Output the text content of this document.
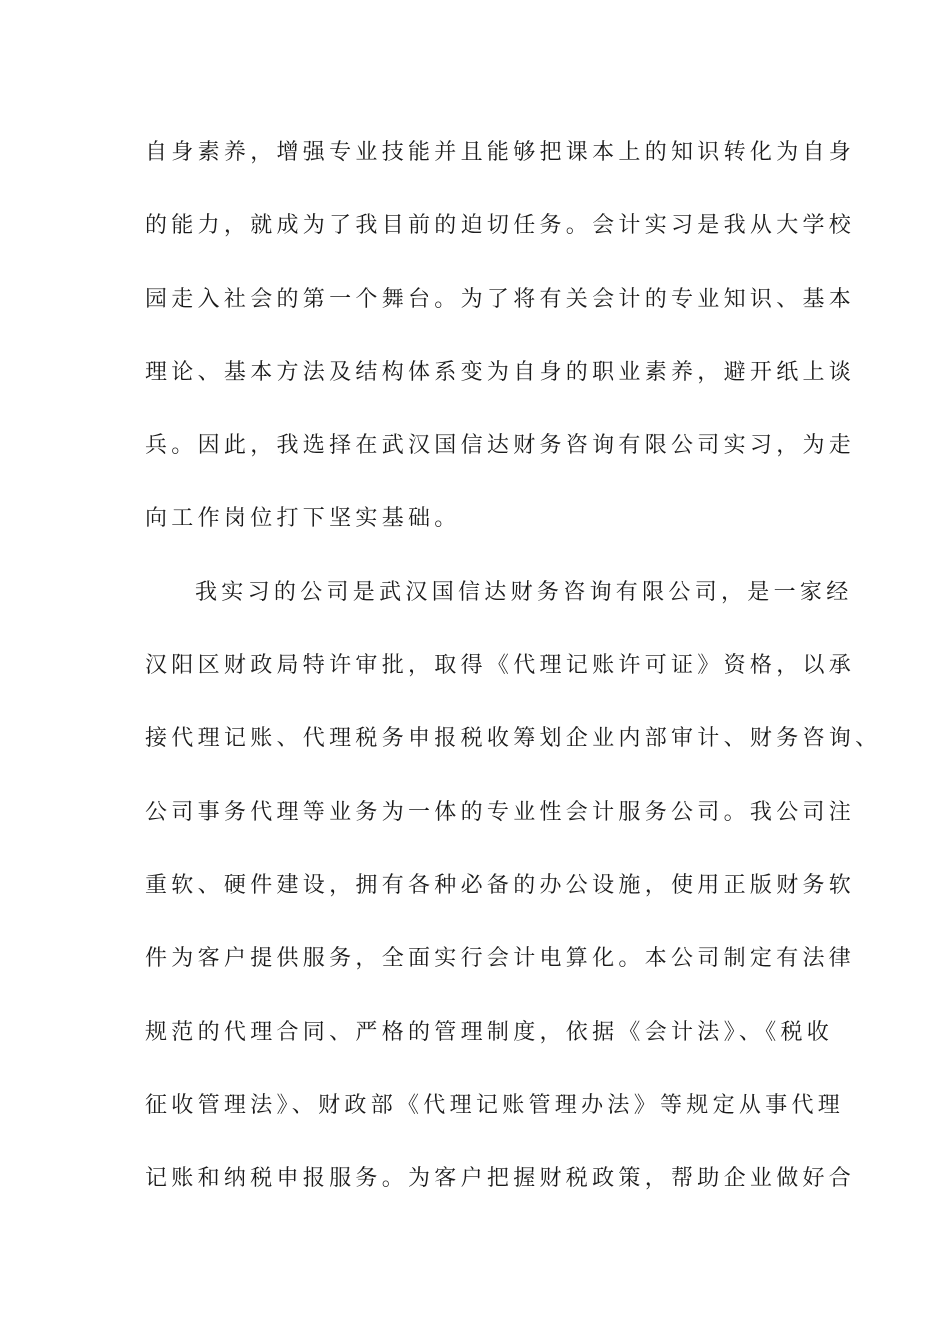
自身素养，增强专业技能并且能够把课本上的知识转化为自身
的能力，就成为了我目前的迫切任务。会计实习是我从大学校
园走入社会的第一个舞台。为了将有关会计的专业知识、基本
理论、基本方法及结构体系变为自身的职业素养，避开纸上谈
兵。因此，我选择在武汉国信达财务咨询有限公司实习，为走
向工作岗位打下坚实基础。
我实习的公司是武汉国信达财务咨询有限公司，是一家经
汉阳区财政局特许审批，取得《代理记账许可证》资格，以承
接代理记账、代理税务申报税收筹划企业内部审计、财务咨询、
公司事务代理等业务为一体的专业性会计服务公司。我公司注
重软、硬件建设，拥有各种必备的办公设施，使用正版财务软
件为客户提供服务，全面实行会计电算化。本公司制定有法律
规范的代理合同、严格的管理制度，依据《会计法》、《税收
征收管理法》、财政部《代理记账管理办法》等规定从事代理
记账和纳税申报服务。为客户把握财税政策，帮助企业做好合
